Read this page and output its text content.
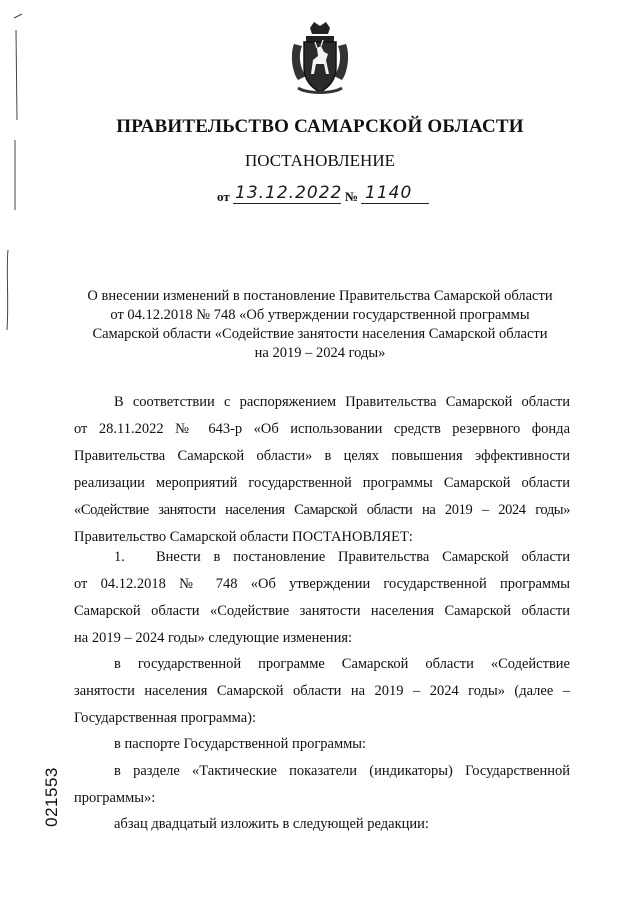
ПРАВИТЕЛЬСТВО САМАРСКОЙ ОБЛАСТИ
ПОСТАНОВЛЕНИЕ
от 13.12.2022 № 1140
О внесении изменений в постановление Правительства Самарской области
от 04.12.2018 № 748 «Об утверждении государственной программы
Самарской области «Содействие занятости населения Самарской области
на 2019 – 2024 годы»
В соответствии с распоряжением Правительства Самарской области
от 28.11.2022 № 643-р «Об использовании средств резервного фонда
Правительства Самарской области» в целях повышения эффективности
реализации мероприятий государственной программы Самарской области
«Содействие занятости населения Самарской области на 2019 – 2024 годы»
Правительство Самарской области ПОСТАНОВЛЯЕТ:
1.	Внести в постановление Правительства Самарской области
от 04.12.2018 № 748 «Об утверждении государственной программы
Самарской области «Содействие занятости населения Самарской области
на 2019 – 2024 годы» следующие изменения:
в государственной программе Самарской области «Содействие
занятости населения Самарской области на 2019 – 2024 годы» (далее –
Государственная программа):
в паспорте Государственной программы:
в разделе «Тактические показатели (индикаторы) Государственной
программы»:
абзац двадцатый изложить в следующей редакции:
021553
